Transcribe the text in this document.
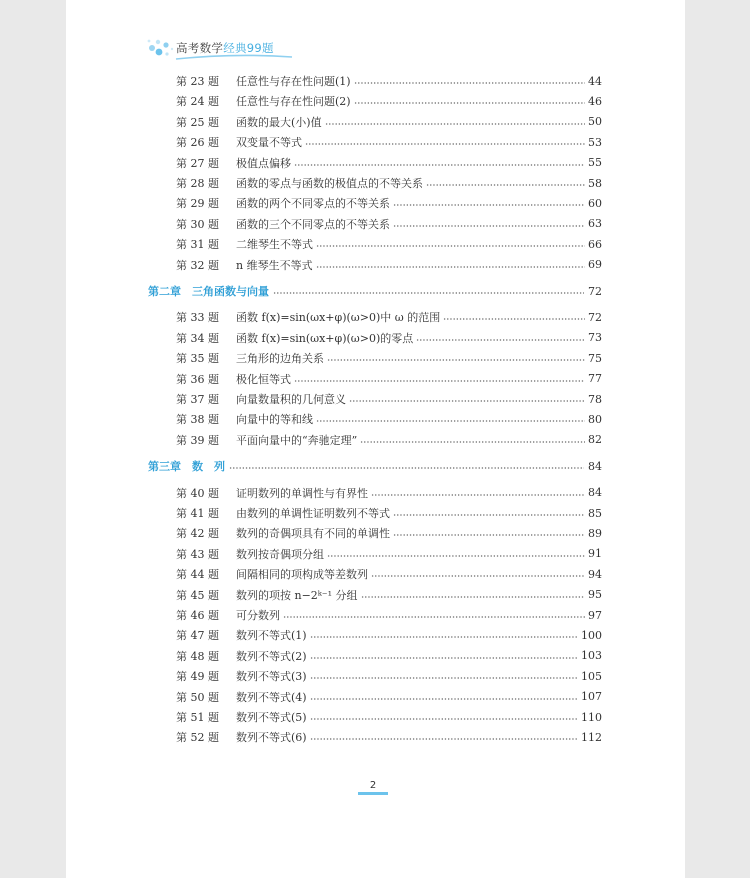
高考数学经典99题
第 23 题	任意性与存在性问题(1)	44
第 24 题	任意性与存在性问题(2)	46
第 25 题	函数的最大(小)值	50
第 26 题	双变量不等式	53
第 27 题	极值点偏移	55
第 28 题	函数的零点与函数的极值点的不等关系	58
第 29 题	函数的两个不同零点的不等关系	60
第 30 题	函数的三个不同零点的不等关系	63
第 31 题	二维琴生不等式	66
第 32 题	n 维琴生不等式	69
第二章　三角函数与向量	72
第 33 题	函数 f(x)=sin(ωx+φ)(ω>0)中 ω 的范围	72
第 34 题	函数 f(x)=sin(ωx+φ)(ω>0)的零点	73
第 35 题	三角形的边角关系	75
第 36 题	极化恒等式	77
第 37 题	向量数量积的几何意义	78
第 38 题	向量中的等和线	80
第 39 题	平面向量中的“奔驰定理”	82
第三章　数　列	84
第 40 题	证明数列的单调性与有界性	84
第 41 题	由数列的单调性证明数列不等式	85
第 42 题	数列的奇偶项具有不同的单调性	89
第 43 题	数列按奇偶项分组	91
第 44 题	间隔相同的项构成等差数列	94
第 45 题	数列的项按 n−2ᵏ⁻¹ 分组	95
第 46 题	可分数列	97
第 47 题	数列不等式(1)	100
第 48 题	数列不等式(2)	103
第 49 题	数列不等式(3)	105
第 50 题	数列不等式(4)	107
第 51 题	数列不等式(5)	110
第 52 题	数列不等式(6)	112
2
